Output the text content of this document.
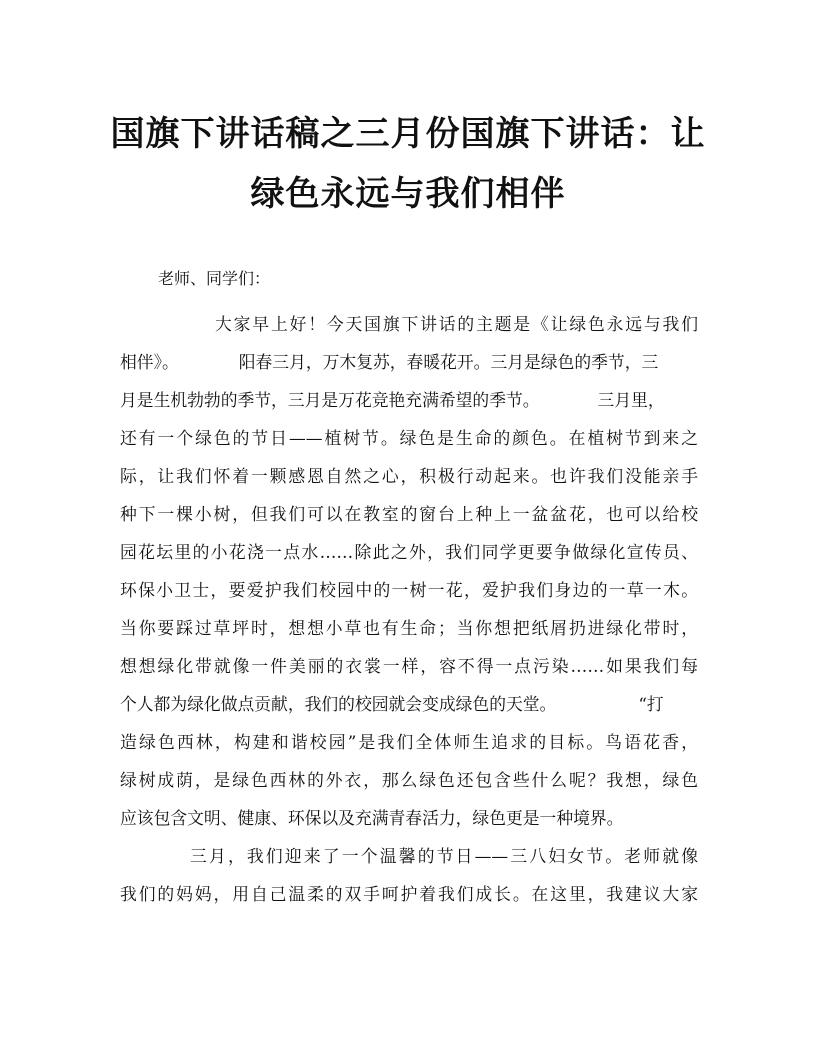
国旗下讲话稿之三月份国旗下讲话：让
绿色永远与我们相伴
老师、同学们：
大家早上好！今天国旗下讲话的主题是《让绿色永远与我们
相伴》。	阳春三月，万木复苏，春暖花开。三月是绿色的季节，三
月是生机勃勃的季节，三月是万花竞艳充满希望的季节。	三月里，
还有一个绿色的节日——植树节。绿色是生命的颜色。在植树节到来之
际，让我们怀着一颗感恩自然之心，积极行动起来。也许我们没能亲手
种下一棵小树，但我们可以在教室的窗台上种上一盆盆花，也可以给校
园花坛里的小花浇一点水……除此之外，我们同学更要争做绿化宣传员、
环保小卫士，要爱护我们校园中的一树一花，爱护我们身边的一草一木。
当你要踩过草坪时，想想小草也有生命；当你想把纸屑扔进绿化带时，
想想绿化带就像一件美丽的衣裳一样，容不得一点污染……如果我们每
个人都为绿化做点贡献，我们的校园就会变成绿色的天堂。	“打
造绿色西林，构建和谐校园”是我们全体师生追求的目标。鸟语花香，
绿树成荫，是绿色西林的外衣，那么绿色还包含些什么呢？我想，绿色
应该包含文明、健康、环保以及充满青春活力，绿色更是一种境界。
三月，我们迎来了一个温馨的节日——三八妇女节。老师就像
我们的妈妈，用自己温柔的双手呵护着我们成长。在这里，我建议大家
